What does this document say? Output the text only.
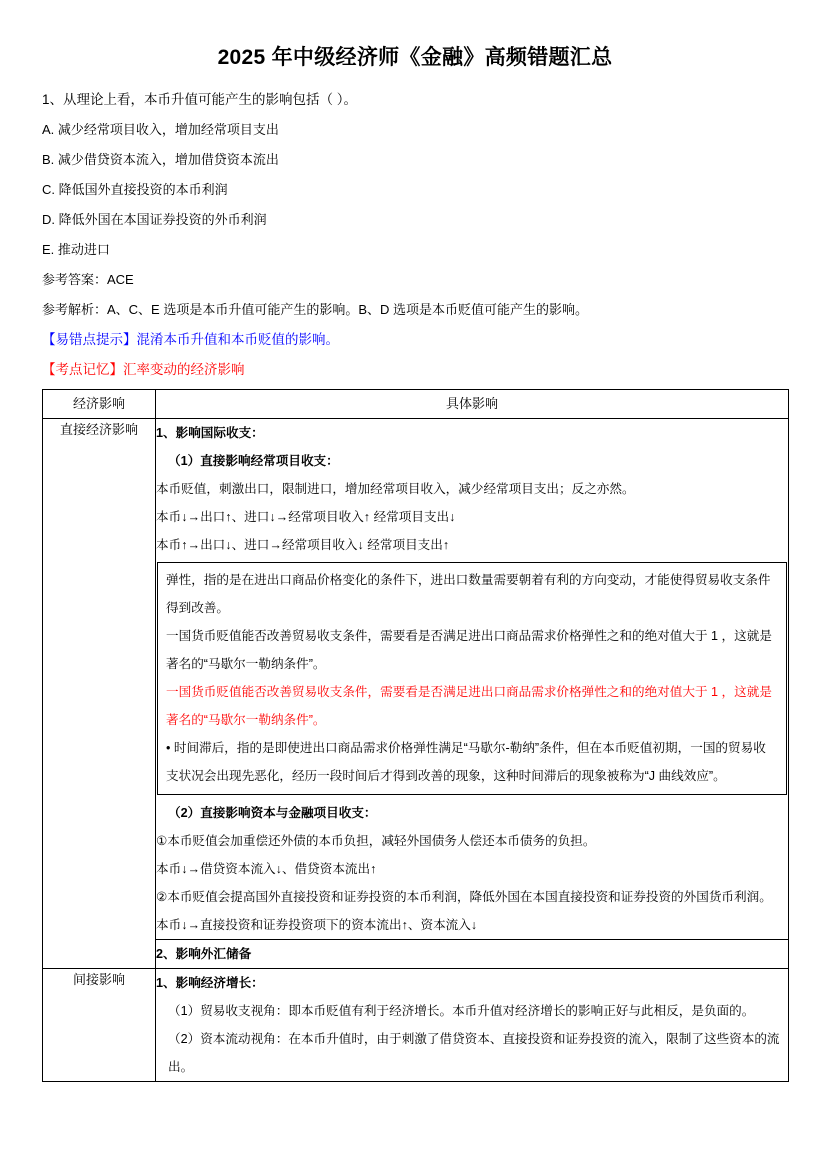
2025 年中级经济师《金融》高频错题汇总

1、从理论上看，本币升值可能产生的影响包括（ ）。

A. 减少经常项目收入，增加经常项目支出

B. 减少借贷资本流入，增加借贷资本流出

C. 降低国外直接投资的本币利润

D. 降低外国在本国证券投资的外币利润

E. 推动进口

参考答案：ACE

参考解析：A、C、E 选项是本币升值可能产生的影响。B、D 选项是本币贬值可能产生的影响。

【易错点提示】混淆本币升值和本币贬值的影响。

【考点记忆】汇率变动的经济影响

经济影响	具体影响
直接经济影响	1、影响国际收支：

（1）直接影响经常项目收支：

本币贬值，刺激出口，限制进口，增加经常项目收入，减少经常项目支出；反之亦然。

本币↓→出口↑、进口↓→经常项目收入↑ 经常项目支出↓

本币↑→出口↓、进口→经常项目收入↓ 经常项目支出↑

弹性，指的是在进出口商品价格变化的条件下，进出口数量需要朝着有利的方向变动，才能使得贸易收支条件得到改善。

一国货币贬值能否改善贸易收支条件，需要看是否满足进出口商品需求价格弹性之和的绝对值大于 1 ，这就是著名的“马歇尔一勒纳条件”。

一国货币贬值能否改善贸易收支条件，需要看是否满足进出口商品需求价格弹性之和的绝对值大于 1 ，这就是著名的“马歇尔一勒纳条件”。

• 时间滞后，指的是即使进出口商品需求价格弹性满足“马歇尔-勒纳”条件，但在本币贬值初期，一国的贸易收支状况会出现先恶化，经历一段时间后才得到改善的现象，这种时间滞后的现象被称为“J 曲线效应”。

（2）直接影响资本与金融项目收支：

①本币贬值会加重偿还外债的本币负担，减轻外国债务人偿还本币债务的负担。

本币↓→借贷资本流入↓、借贷资本流出↑

②本币贬值会提高国外直接投资和证券投资的本币利润，降低外国在本国直接投资和证券投资的外国货币利润。

本币↓→直接投资和证券投资项下的资本流出↑、资本流入↓

	2、影响外汇储备

间接影响	1、影响经济增长：

（1）贸易收支视角：即本币贬值有利于经济增长。本币升值对经济增长的影响正好与此相反，是负面的。

（2）资本流动视角：在本币升值时，由于刺激了借贷资本、直接投资和证券投资的流入，限制了这些资本的流出。
